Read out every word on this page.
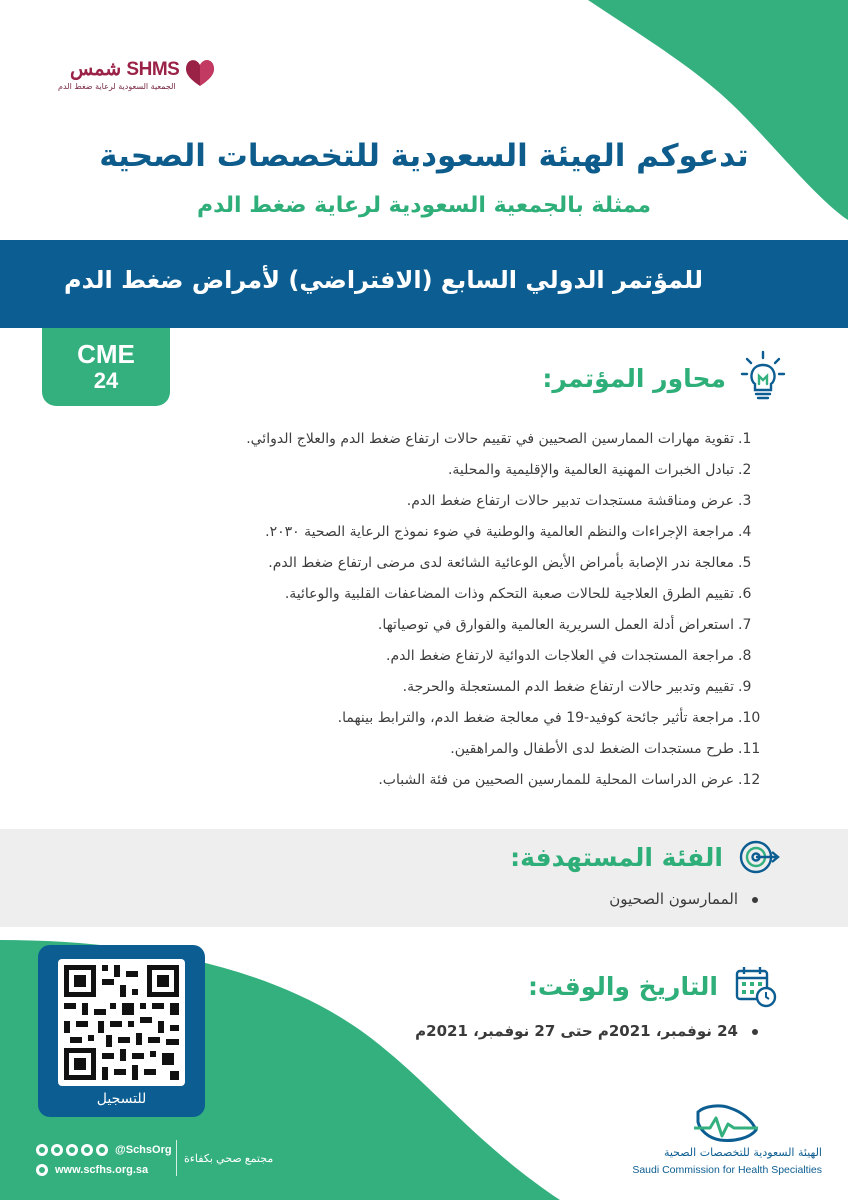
شمس SHMS
الجمعية السعودية لرعاية ضغط الدم
تدعوكم الهيئة السعودية للتخصصات الصحية
ممثلة بالجمعية السعودية لرعاية ضغط الدم
للمؤتمر الدولي السابع (الافتراضي) لأمراض ضغط الدم
CME
24	محاور المؤتمر:
1.تقوية مهارات الممارسين الصحيين في تقييم حالات ارتفاع ضغط الدم والعلاج الدوائي.
2.تبادل الخبرات المهنية العالمية والإقليمية والمحلية.
3.عرض ومناقشة مستجدات تدبير حالات ارتفاع ضغط الدم.
4.مراجعة الإجراءات والنظم العالمية والوطنية في ضوء نموذج الرعاية الصحية ٢٠٣٠.
5.معالجة ندر الإصابة بأمراض الأيض الوعائية الشائعة لدى مرضى ارتفاع ضغط الدم.
6.تقييم الطرق العلاجية للحالات صعبة التحكم وذات المضاعفات القلبية والوعائية.
7.استعراض أدلة العمل السريرية العالمية والفوارق في توصياتها.
8.مراجعة المستجدات في العلاجات الدوائية لارتفاع ضغط الدم.
9.تقييم وتدبير حالات ارتفاع ضغط الدم المستعجلة والحرجة.
10.مراجعة تأثير جائحة كوفيد-19 في معالجة ضغط الدم، والترابط بينهما.
11.طرح مستجدات الضغط لدى الأطفال والمراهقين.
12.عرض الدراسات المحلية للممارسين الصحيين من فئة الشباب.
الفئة المستهدفة:
الممارسون الصحيون
التاريخ والوقت:
24 نوفمبر، 2021م حتى 27 نوفمبر، 2021م
للتسجيل
@SchsOrg
www.scfhs.org.sa
مجتمع صحي بكفاءة	الهيئة السعودية للتخصصات الصحية
Saudi Commission for Health Specialties
